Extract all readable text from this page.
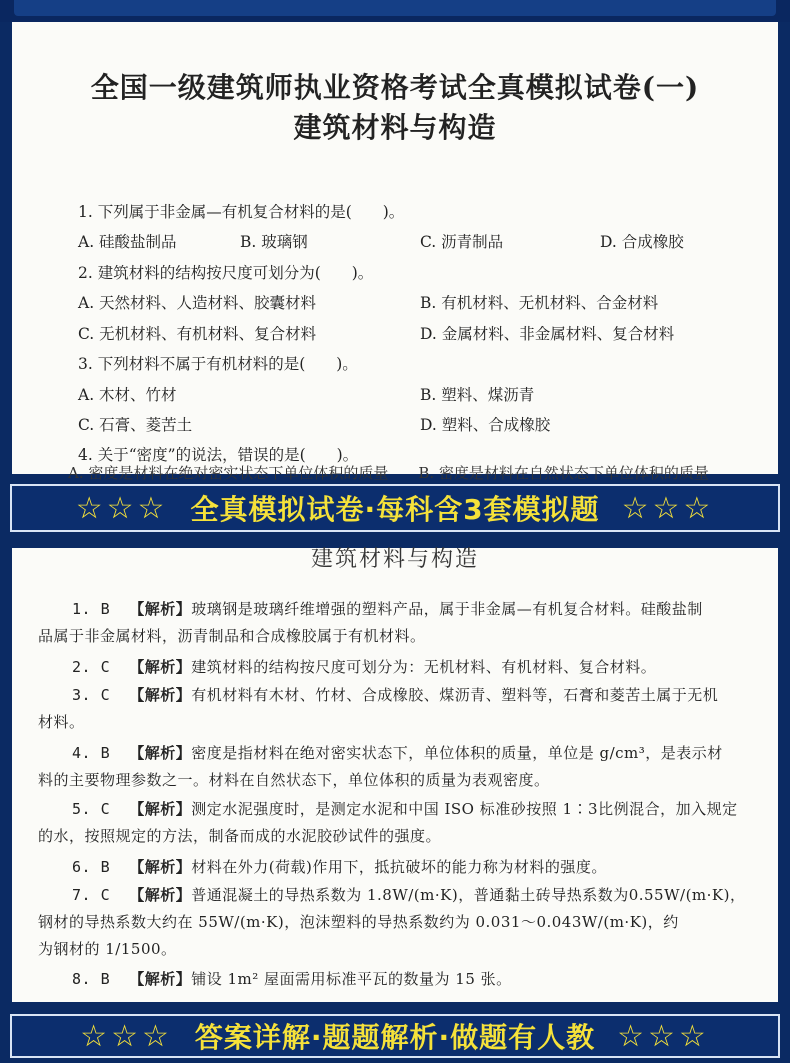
全国一级建筑师执业资格考试全真模拟试卷(一)
建筑材料与构造
1. 下列属于非金属—有机复合材料的是(　　)。
A. 硅酸盐制品	B. 玻璃钢	C. 沥青制品	D. 合成橡胶
2. 建筑材料的结构按尺度可划分为(　　)。
A. 天然材料、人造材料、胶囊材料	B. 有机材料、无机材料、合金材料
C. 无机材料、有机材料、复合材料	D. 金属材料、非金属材料、复合材料
3. 下列材料不属于有机材料的是(　　)。
A. 木材、竹材	B. 塑料、煤沥青
C. 石膏、菱苦土	D. 塑料、合成橡胶
4. 关于“密度”的说法，错误的是(　　)。
A. 密度是材料在绝对密实状态下单位体积的质量　　B. 密度是材料在自然状态下单位体积的质量
☆☆☆ 全真模拟试卷·每科含3套模拟题 ☆☆☆
建筑材料与构造
1. B 【解析】玻璃钢是玻璃纤维增强的塑料产品，属于非金属—有机复合材料。硅酸盐制
品属于非金属材料，沥青制品和合成橡胶属于有机材料。
2. C 【解析】建筑材料的结构按尺度可划分为：无机材料、有机材料、复合材料。
3. C 【解析】有机材料有木材、竹材、合成橡胶、煤沥青、塑料等，石膏和菱苦土属于无机
材料。
4. B 【解析】密度是指材料在绝对密实状态下，单位体积的质量，单位是 g/cm³，是表示材
料的主要物理参数之一。材料在自然状态下，单位体积的质量为表观密度。
5. C 【解析】测定水泥强度时，是测定水泥和中国 ISO 标准砂按照 1∶3比例混合，加入规定
的水，按照规定的方法，制备而成的水泥胶砂试件的强度。
6. B 【解析】材料在外力(荷载)作用下，抵抗破坏的能力称为材料的强度。
7. C 【解析】普通混凝土的导热系数为 1.8W/(m·K)，普通黏土砖导热系数为0.55W/(m·K)，
钢材的导热系数大约在 55W/(m·K)，泡沫塑料的导热系数约为 0.031～0.043W/(m·K)，约
为钢材的 1/1500。
8. B 【解析】铺设 1m² 屋面需用标准平瓦的数量为 15 张。
☆☆☆ 答案详解·题题解析·做题有人教 ☆☆☆
